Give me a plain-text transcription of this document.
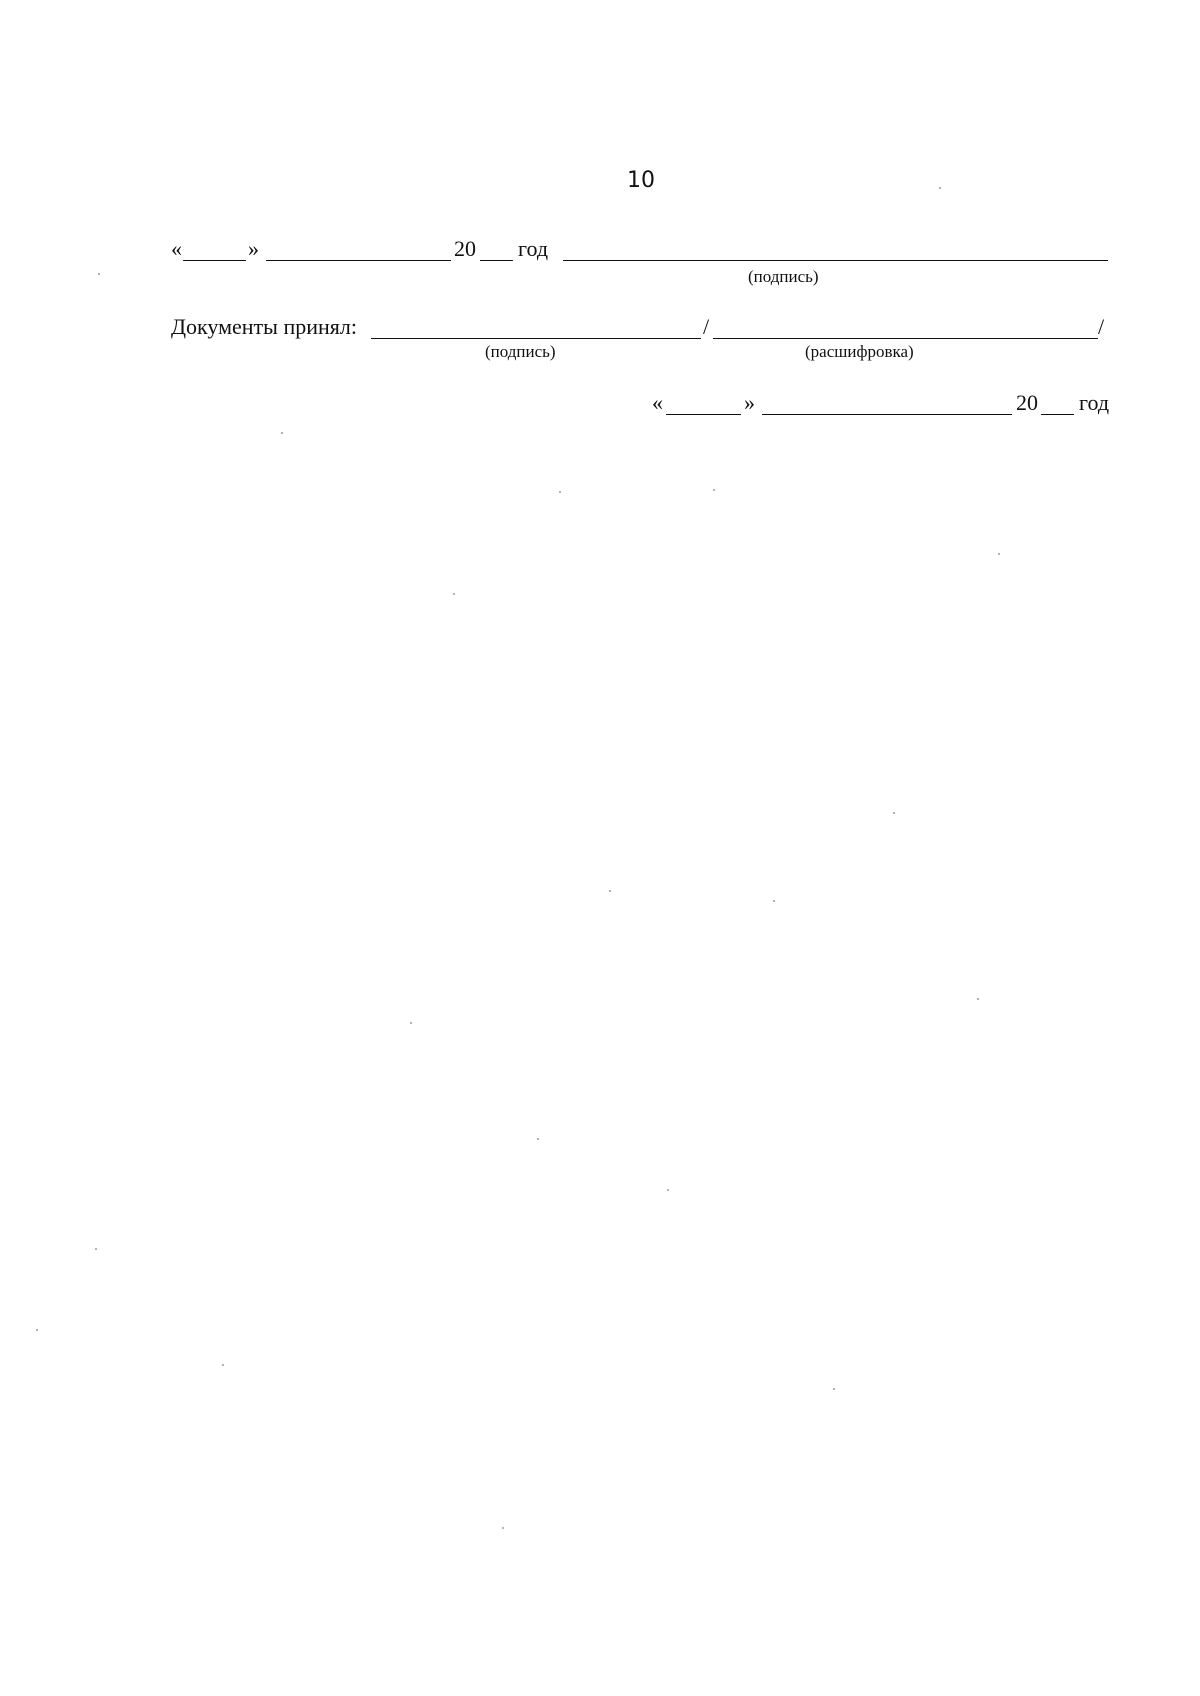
10
«	»	20 год
(подпись)
Документы принял:	/	/
(подпись)	(расшифровка)
«	»	20 год
